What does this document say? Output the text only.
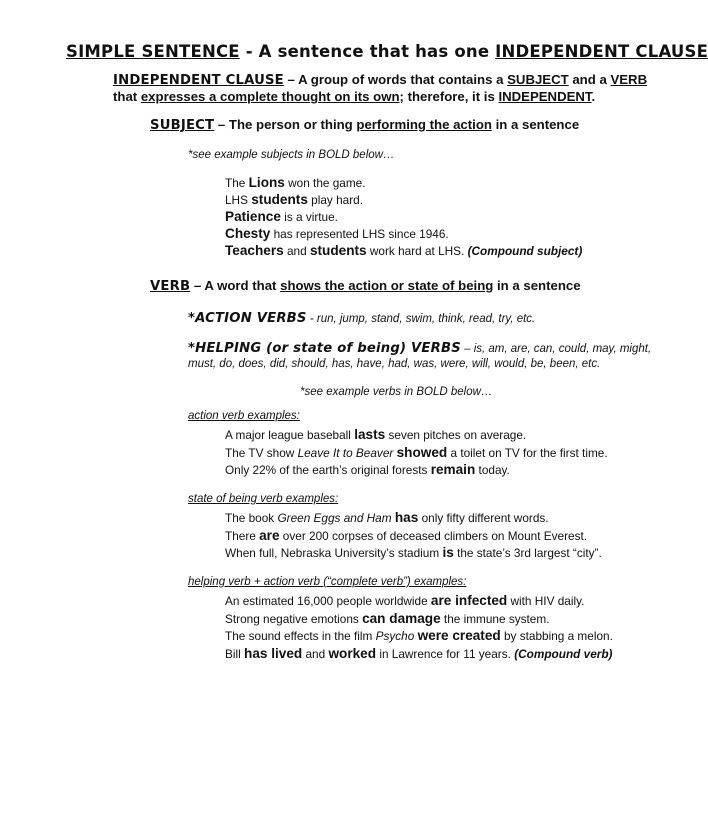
SIMPLE SENTENCE - A sentence that has one INDEPENDENT CLAUSE
INDEPENDENT CLAUSE – A group of words that contains a SUBJECT and a VERB
that expresses a complete thought on its own; therefore, it is INDEPENDENT.
SUBJECT – The person or thing performing the action in a sentence
*see example subjects in BOLD below…
The Lions won the game.
LHS students play hard.
Patience is a virtue.
Chesty has represented LHS since 1946.
Teachers and students work hard at LHS. (Compound subject)
VERB – A word that shows the action or state of being in a sentence
*ACTION VERBS - run, jump, stand, swim, think, read, try, etc.
*HELPING (or state of being) VERBS – is, am, are, can, could, may, might,
must, do, does, did, should, has, have, had, was, were, will, would, be, been, etc.
*see example verbs in BOLD below…
action verb examples:
A major league baseball lasts seven pitches on average.
The TV show Leave It to Beaver showed a toilet on TV for the first time.
Only 22% of the earth’s original forests remain today.
state of being verb examples:
The book Green Eggs and Ham has only fifty different words.
There are over 200 corpses of deceased climbers on Mount Everest.
When full, Nebraska University’s stadium is the state’s 3rd largest “city”.
helping verb + action verb (“complete verb”) examples:
An estimated 16,000 people worldwide are infected with HIV daily.
Strong negative emotions can damage the immune system.
The sound effects in the film Psycho were created by stabbing a melon.
Bill has lived and worked in Lawrence for 11 years. (Compound verb)
